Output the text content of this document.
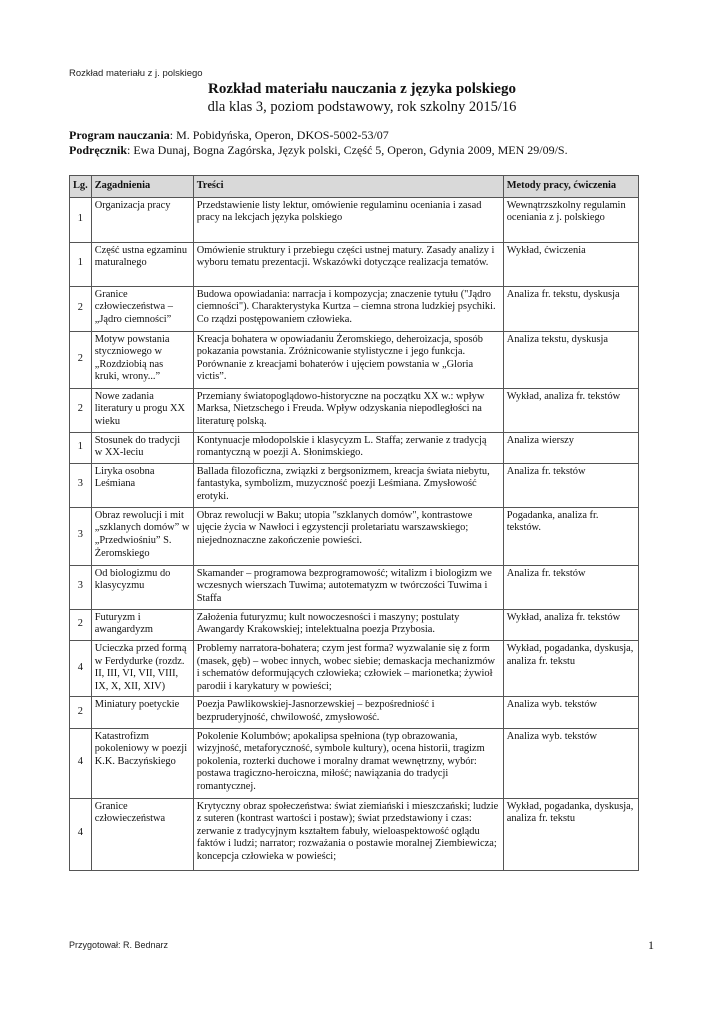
Rozkład materiału z j. polskiego
Rozkład materiału nauczania z języka polskiego
dla klas 3, poziom podstawowy, rok szkolny 2015/16
Program nauczania: M. Pobidyńska, Operon, DKOS-5002-53/07
Podręcznik: Ewa Dunaj, Bogna Zagórska, Język polski, Część 5, Operon, Gdynia 2009, MEN 29/09/S.
Lg.	Zagadnienia	Treści	Metody pracy, ćwiczenia
1	Organizacja pracy	Przedstawienie listy lektur, omówienie regulaminu oceniania i zasad pracy na lekcjach języka polskiego	Wewnątrzszkolny regulamin oceniania z j. polskiego
1	Część ustna egzaminu maturalnego	Omówienie struktury i przebiegu części ustnej matury. Zasady analizy i wyboru tematu prezentacji. Wskazówki dotyczące realizacja tematów.	Wykład, ćwiczenia
2	Granice człowieczeństwa – „Jądro ciemności”	Budowa opowiadania: narracja i kompozycja; znaczenie tytułu ("Jądro ciemności"). Charakterystyka Kurtza – ciemna strona ludzkiej psychiki. Co rządzi postępowaniem człowieka.	Analiza fr. tekstu, dyskusja
2	Motyw powstania styczniowego w „Rozdziobią nas kruki, wrony...”	Kreacja bohatera w opowiadaniu Żeromskiego, deheroizacja, sposób pokazania powstania. Zróżnicowanie stylistyczne i jego funkcja. Porównanie z kreacjami bohaterów i ujęciem powstania w „Gloria victis”.	Analiza tekstu, dyskusja
2	Nowe zadania literatury u progu XX wieku	Przemiany światopoglądowo-historyczne na początku XX w.: wpływ Marksa, Nietzschego i Freuda. Wpływ odzyskania niepodległości na literaturę polską.	Wykład, analiza fr. tekstów
1	Stosunek do tradycji w XX-leciu	Kontynuacje młodopolskie i klasycyzm L. Staffa; zerwanie z tradycją romantyczną w poezji A. Słonimskiego.	Analiza wierszy
3	Liryka osobna Leśmiana	Ballada filozoficzna, związki z bergsonizmem, kreacja świata niebytu, fantastyka, symbolizm, muzyczność poezji Leśmiana. Zmysłowość erotyki.	Analiza fr. tekstów
3	Obraz rewolucji i mit „szklanych domów” w „Przedwiośniu” S. Żeromskiego	Obraz rewolucji w Baku; utopia "szklanych domów", kontrastowe ujęcie życia w Nawłoci i egzystencji proletariatu warszawskiego; niejednoznaczne zakończenie powieści.	Pogadanka, analiza fr. tekstów.
3	Od biologizmu do klasycyzmu	Skamander – programowa bezprogramowość; witalizm i biologizm we wczesnych wierszach Tuwima; autotematyzm w twórczości Tuwima i Staffa	Analiza fr. tekstów
2	Futuryzm i awangardyzm	Założenia futuryzmu; kult nowoczesności i maszyny; postulaty Awangardy Krakowskiej; intelektualna poezja Przybosia.	Wykład, analiza fr. tekstów
4	Ucieczka przed formą w Ferdydurke (rozdz. II, III, VI, VII, VIII, IX, X, XII, XIV)	Problemy narratora-bohatera; czym jest forma? wyzwalanie się z form (masek, gęb) – wobec innych, wobec siebie; demaskacja mechanizmów i schematów deformujących człowieka; człowiek – marionetka; żywioł parodii i karykatury w powieści;	Wykład, pogadanka, dyskusja, analiza fr. tekstu
2	Miniatury poetyckie	Poezja Pawlikowskiej-Jasnorzewskiej – bezpośredniość i bezpruderyjność, chwilowość, zmysłowość.	Analiza wyb. tekstów
4	Katastrofizm pokoleniowy w poezji K.K. Baczyńskiego	Pokolenie Kolumbów; apokalipsa spełniona (typ obrazowania, wizyjność, metaforyczność, symbole kultury), ocena historii, tragizm pokolenia, rozterki duchowe i moralny dramat wewnętrzny, wybór: postawa tragiczno-heroiczna, miłość; nawiązania do tradycji romantycznej.	Analiza wyb. tekstów
4	Granice człowieczeństwa	Krytyczny obraz społeczeństwa: świat ziemiański i mieszczański; ludzie z suteren (kontrast wartości i postaw); świat przedstawiony i czas: zerwanie z tradycyjnym kształtem fabuły, wieloaspektowość oglądu faktów i ludzi; narrator; rozważania o postawie moralnej Ziembiewicza; koncepcja człowieka w powieści;	Wykład, pogadanka, dyskusja, analiza fr. tekstu
Przygotował: R. Bednarz	1
